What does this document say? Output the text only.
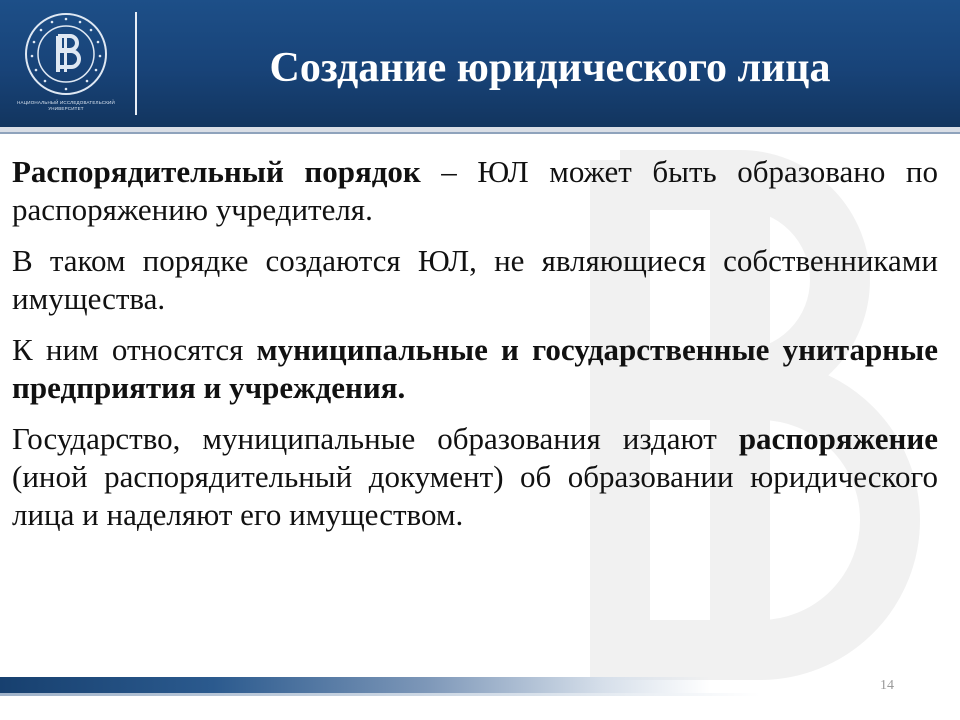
НАЦИОНАЛЬНЫЙ ИССЛЕДОВАТЕЛЬСКИЙ УНИВЕРСИТЕТ
Создание юридического лица

Распорядительный порядок – ЮЛ может быть образовано по распоряжению учредителя.

В таком порядке создаются ЮЛ, не являющиеся собственниками имущества.

К ним относятся муниципальные и государственные унитарные предприятия и учреждения.

Государство, муниципальные образования издают распоряжение (иной распорядительный документ) об образовании юридического лица и наделяют его имуществом.

14
